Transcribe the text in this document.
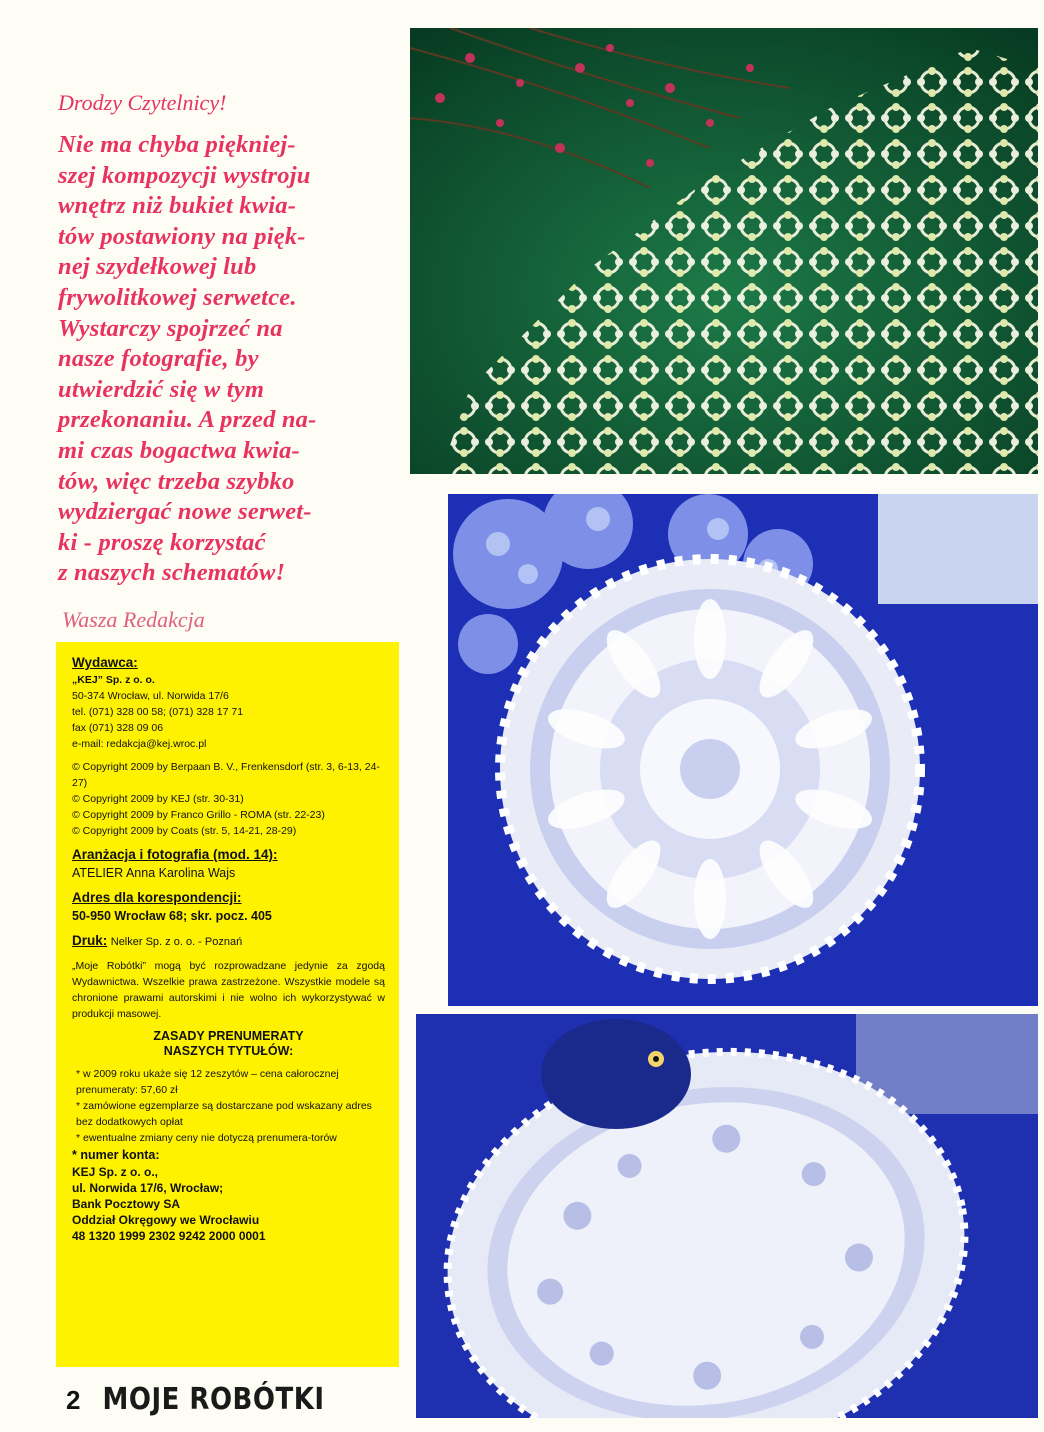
Drodzy Czytelnicy!

Nie ma chyba piękniej-
szej kompozycji wystroju
wnętrz niż bukiet kwia-
tów postawiony na pięk-
nej szydełkowej lub
frywolitkowej serwetce.
Wystarczy spojrzeć na
nasze fotografie, by
utwierdzić się w tym
przekonaniu. A przed na-
mi czas bogactwa kwia-
tów, więc trzeba szybko
wydziergać nowe serwet-
ki - proszę korzystać
z naszych schematów!

Wasza Redakcja

Wydawca:

„KEJ” Sp. z o. o.

50-374 Wrocław, ul. Norwida 17/6

tel. (071) 328 00 58; (071) 328 17 71

fax (071) 328 09 06

e-mail: redakcja@kej.wroc.pl

© Copyright 2009 by Berpaan B. V., Frenkensdorf (str. 3, 6-13, 24-27)

© Copyright 2009 by KEJ (str. 30-31)

© Copyright 2009 by Franco Grillo - ROMA (str. 22-23)

© Copyright 2009 by Coats (str. 5, 14-21, 28-29)

Aranżacja i fotografia (mod. 14):

ATELIER Anna Karolina Wajs

Adres dla korespondencji:

50-950 Wrocław 68; skr. pocz. 405

Druk: Nelker Sp. z o. o. - Poznań

„Moje Robótki” mogą być rozprowadzane jedynie za zgodą Wydawnictwa. Wszelkie prawa zastrzeżone. Wszystkie modele są chronione prawami autorskimi i nie wolno ich wykorzystywać w produkcji masowej.

ZASADY PRENUMERATY

NASZYCH TYTUŁÓW:

* w 2009 roku ukaże się 12 zeszytów – cena całorocznej prenumeraty: 57,60 zł

* zamówione egzemplarze są dostarczane pod wskazany adres bez dodatkowych opłat

* ewentualne zmiany ceny nie dotyczą prenumera-torów

* numer konta:

KEJ Sp. z o. o.,

ul. Norwida 17/6, Wrocław;

Bank Pocztowy SA

Oddział Okręgowy we Wrocławiu

48 1320 1999 2302 9242 2000 0001

2 MOJE ROBÓTKI
